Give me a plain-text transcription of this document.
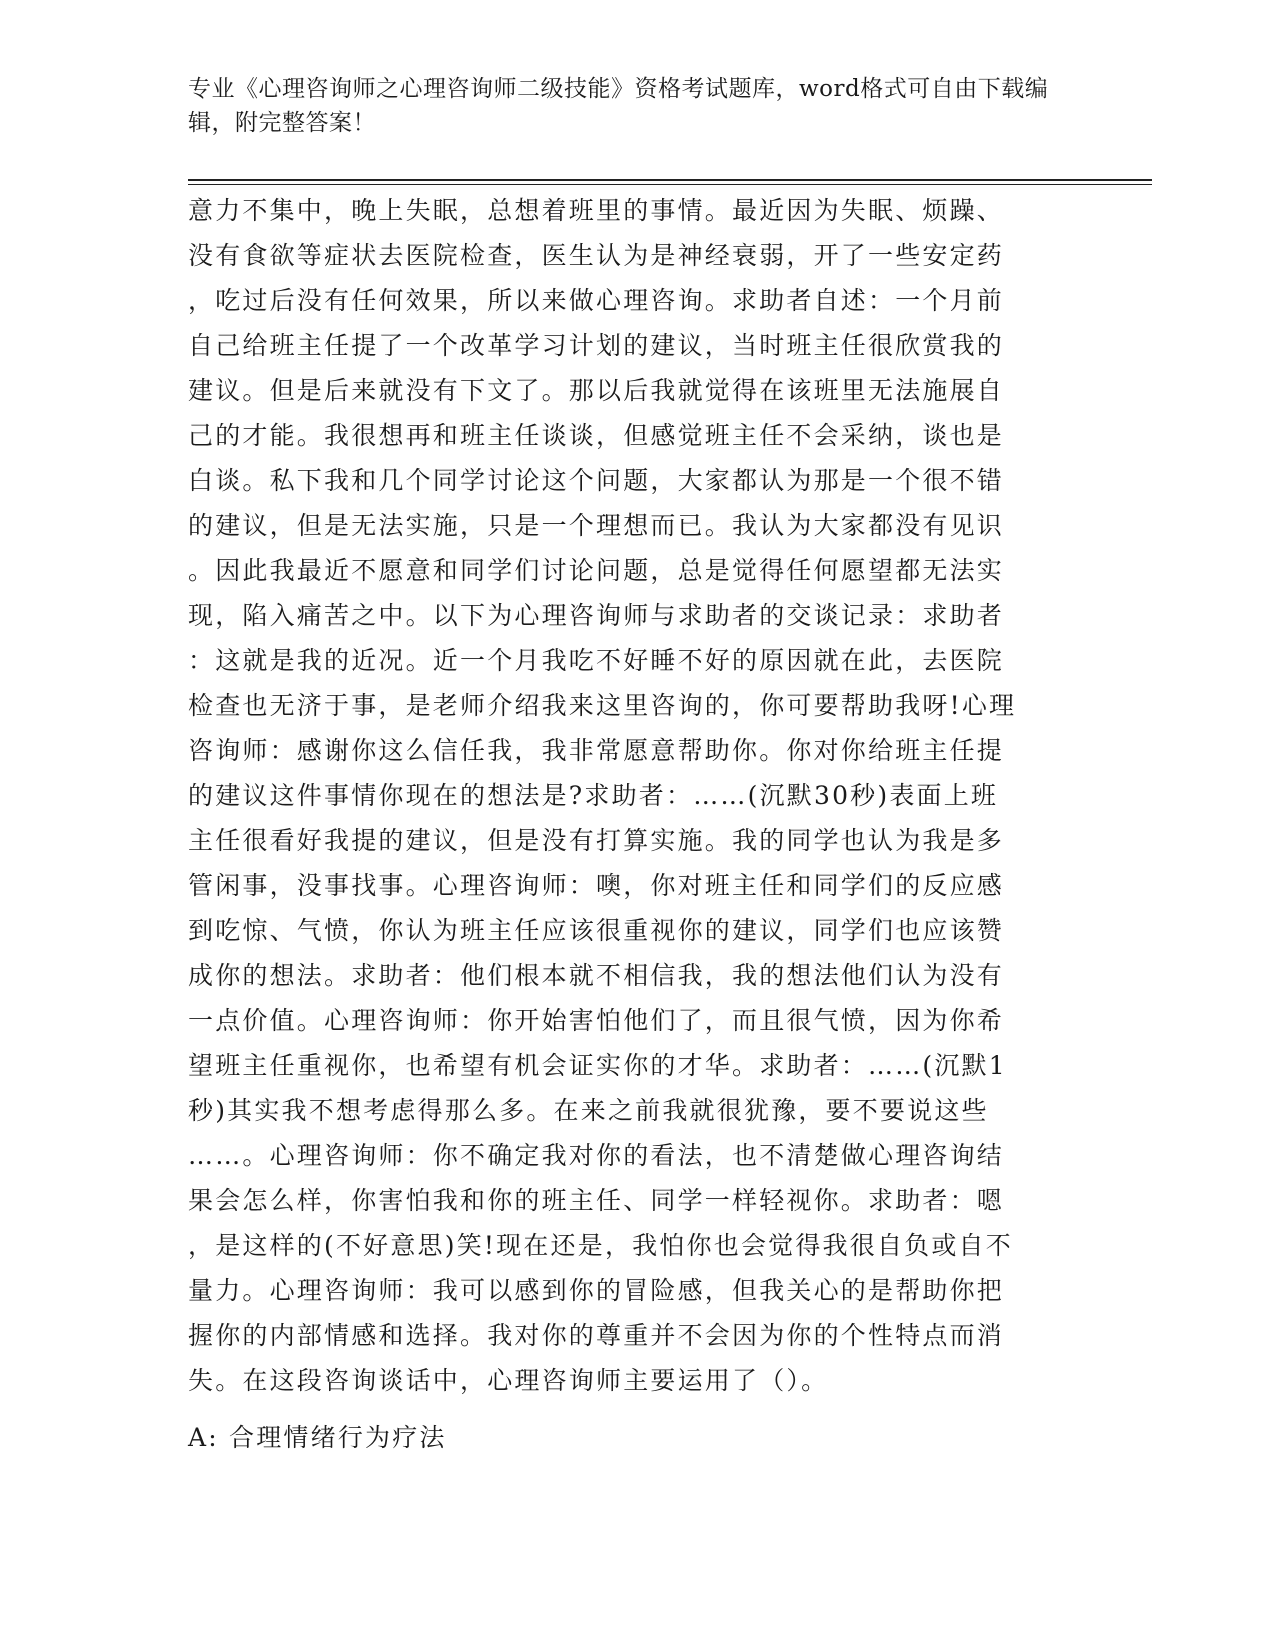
专业《心理咨询师之心理咨询师二级技能》资格考试题库，word格式可自由下载编辑，附完整答案！
意力不集中，晚上失眠，总想着班里的事情。最近因为失眠、烦躁、
没有食欲等症状去医院检查，医生认为是神经衰弱，开了一些安定药
，吃过后没有任何效果，所以来做心理咨询。求助者自述：一个月前
自己给班主任提了一个改革学习计划的建议，当时班主任很欣赏我的
建议。但是后来就没有下文了。那以后我就觉得在该班里无法施展自
己的才能。我很想再和班主任谈谈，但感觉班主任不会采纳，谈也是
白谈。私下我和几个同学讨论这个问题，大家都认为那是一个很不错
的建议，但是无法实施，只是一个理想而已。我认为大家都没有见识
。因此我最近不愿意和同学们讨论问题，总是觉得任何愿望都无法实
现，陷入痛苦之中。以下为心理咨询师与求助者的交谈记录：求助者
：这就是我的近况。近一个月我吃不好睡不好的原因就在此，去医院
检查也无济于事，是老师介绍我来这里咨询的，你可要帮助我呀!心理
咨询师：感谢你这么信任我，我非常愿意帮助你。你对你给班主任提
的建议这件事情你现在的想法是?求助者：……(沉默30秒)表面上班
主任很看好我提的建议，但是没有打算实施。我的同学也认为我是多
管闲事，没事找事。心理咨询师：噢，你对班主任和同学们的反应感
到吃惊、气愤，你认为班主任应该很重视你的建议，同学们也应该赞
成你的想法。求助者：他们根本就不相信我，我的想法他们认为没有
一点价值。心理咨询师：你开始害怕他们了，而且很气愤，因为你希
望班主任重视你，也希望有机会证实你的才华。求助者：……(沉默1
秒)其实我不想考虑得那么多。在来之前我就很犹豫，要不要说这些
……。心理咨询师：你不确定我对你的看法，也不清楚做心理咨询结
果会怎么样，你害怕我和你的班主任、同学一样轻视你。求助者：嗯
，是这样的(不好意思)笑!现在还是，我怕你也会觉得我很自负或自不
量力。心理咨询师：我可以感到你的冒险感，但我关心的是帮助你把
握你的内部情感和选择。我对你的尊重并不会因为你的个性特点而消
失。在这段咨询谈话中，心理咨询师主要运用了（）。
A: 合理情绪行为疗法
